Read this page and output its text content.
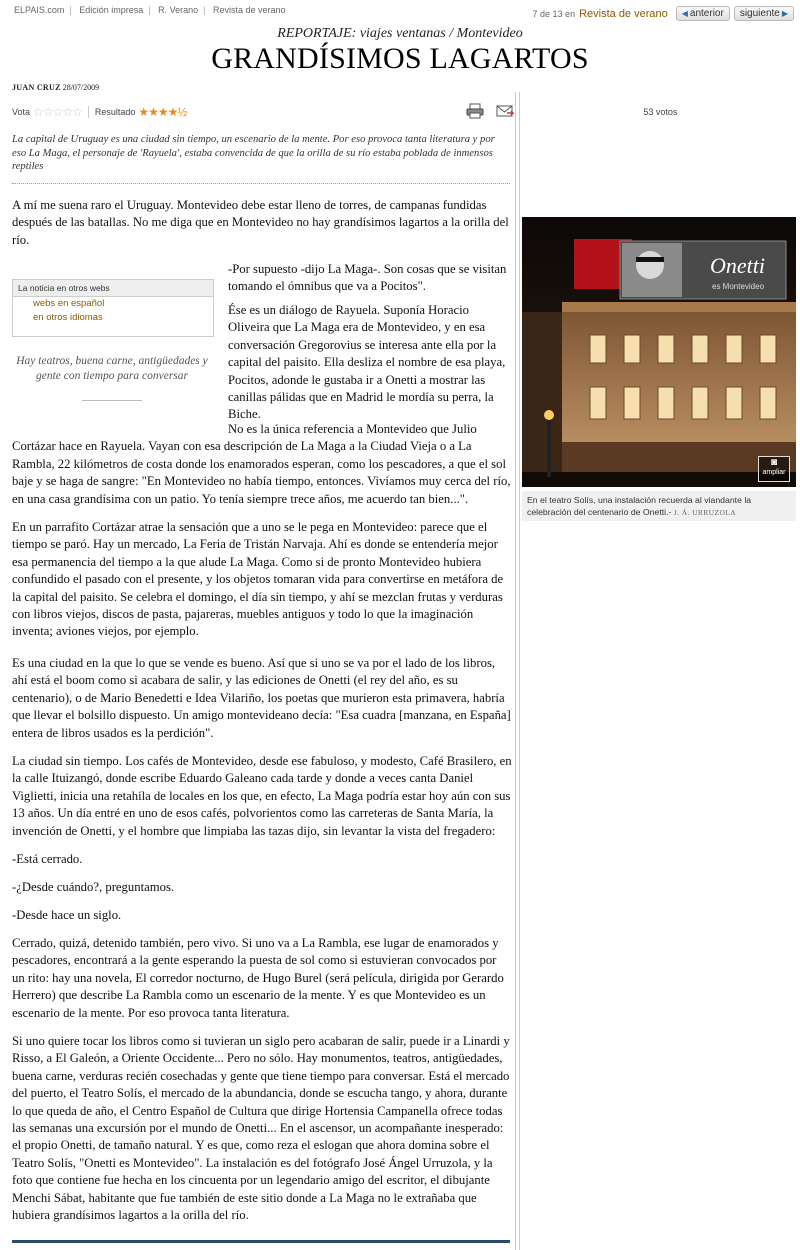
ELPAIS.com | Edición impresa | R. Verano | Revista de verano	7 de 13 en Revista de verano ◀ anterior siguiente ▶
REPORTAJE: viajes ventanas / Montevideo
GRANDÍSIMOS LAGARTOS
JUAN CRUZ 28/07/2009
Vota ☆☆☆☆☆ Resultado ★★★★½	53 votos
La capital de Uruguay es una ciudad sin tiempo, un escenario de la mente. Por eso provoca tanta literatura y por eso La Maga, el personaje de 'Rayuela', estaba convencida de que la orilla de su río estaba poblada de inmensos reptiles

A mí me suena raro el Uruguay. Montevideo debe estar lleno de torres, de campanas fundidas después de las batallas. No me diga que en Montevideo no hay grandísimos lagartos a la orilla del río.

-Por supuesto -dijo La Maga-. Son cosas que se visitan tomando el ómnibus que va a Pocitos".

Ése es un diálogo de Rayuela. Suponía Horacio Oliveira que La Maga era de Montevideo, y en esa conversación Gregorovius se interesa ante ella por la capital del paisito. Ella desliza el nombre de esa playa, Pocitos, adonde le gustaba ir a Onetti a mostrar las canillas pálidas que en Madrid le mordía su perra, la Biche.

No es la única referencia a Montevideo que Julio Cortázar hace en Rayuela. Vayan con esa descripción de La Maga a la Ciudad Vieja o a La Rambla, 22 kilómetros de costa donde los enamorados esperan, como los pescadores, a que el sol baje y se haga de sangre: "En Montevideo no había tiempo, entonces. Vivíamos muy cerca del río, en una casa grandísima con un patio. Yo tenía siempre trece años, me acuerdo tan bien...".

En un parrafito Cortázar atrae la sensación que a uno se le pega en Montevideo: parece que el tiempo se paró. Hay un mercado, La Feria de Tristán Narvaja. Ahí es donde se entendería mejor esa permanencia del tiempo a la que alude La Maga. Como si de pronto Montevideo hubiera confundido el pasado con el presente, y los objetos tomaran vida para convertirse en metáfora de la capital del paisito. Se celebra el domingo, el día sin tiempo, y ahí se mezclan frutas y verduras con libros viejos, discos de pasta, pajareras, muebles antiguos y todo lo que la imaginación inventa; aviones viejos, por ejemplo.

Es una ciudad en la que lo que se vende es bueno. Así que si uno se va por el lado de los libros, ahí está el boom como si acabara de salir, y las ediciones de Onetti (el rey del año, es su centenario), o de Mario Benedetti e Idea Vilariño, los poetas que murieron esta primavera, habría que llevar el bolsillo dispuesto. Un amigo montevideano decía: "Esa cuadra [manzana, en España] entera de libros usados es la perdición".

La ciudad sin tiempo. Los cafés de Montevideo, desde ese fabuloso, y modesto, Café Brasilero, en la calle Ituizangó, donde escribe Eduardo Galeano cada tarde y donde a veces canta Daniel Viglietti, inicia una retahíla de locales en los que, en efecto, La Maga podría estar hoy aún con sus 13 años. Un día entré en uno de esos cafés, polvorientos como las carreteras de Santa María, la invención de Onetti, y el hombre que limpiaba las tazas dijo, sin levantar la vista del fregadero:

-Está cerrado.

-¿Desde cuándo?, preguntamos.

-Desde hace un siglo.

Cerrado, quizá, detenido también, pero vivo. Si uno va a La Rambla, ese lugar de enamorados y pescadores, encontrará a la gente esperando la puesta de sol como si estuvieran convocados por un rito: hay una novela, El corredor nocturno, de Hugo Burel (será película, dirigida por Gerardo Herrero) que describe La Rambla como un escenario de la mente. Y es que Montevideo es un escenario de la mente. Por eso provoca tanta literatura.

Si uno quiere tocar los libros como si tuvieran un siglo pero acabaran de salir, puede ir a Linardi y Risso, a El Galeón, a Oriente Occidente... Pero no sólo. Hay monumentos, teatros, antigüedades, buena carne, verduras recién cosechadas y gente que tiene tiempo para conversar. Está el mercado del puerto, el Teatro Solís, el mercado de la abundancia, donde se escucha tango, y ahora, durante lo que queda de año, el Centro Español de Cultura que dirige Hortensia Campanella ofrece todas las semanas una excursión por el mundo de Onetti... En el ascensor, un acompañante inesperado: el propio Onetti, de tamaño natural. Y es que, como reza el eslogan que ahora domina sobre el Teatro Solís, "Onetti es Montevideo". La instalación es del fotógrafo José Ángel Urruzola, y la foto que contiene fue hecha en los cincuenta por un legendario amigo del escritor, el dibujante Menchi Sábat, habitante que fue también de este sitio donde a La Maga no le extrañaba que hubiera grandísimos lagartos a la orilla del río.

La noticia en otros webs
webs en español
en otros idiomas
Hay teatros, buena carne, antigüedades y gente con tiempo para conversar
Onetti
es Montevideo
◙
ampliar
En el teatro Solís, una instalación recuerda al viandante la celebración del centenario de Onetti.- J. Á. URRUZOLA
